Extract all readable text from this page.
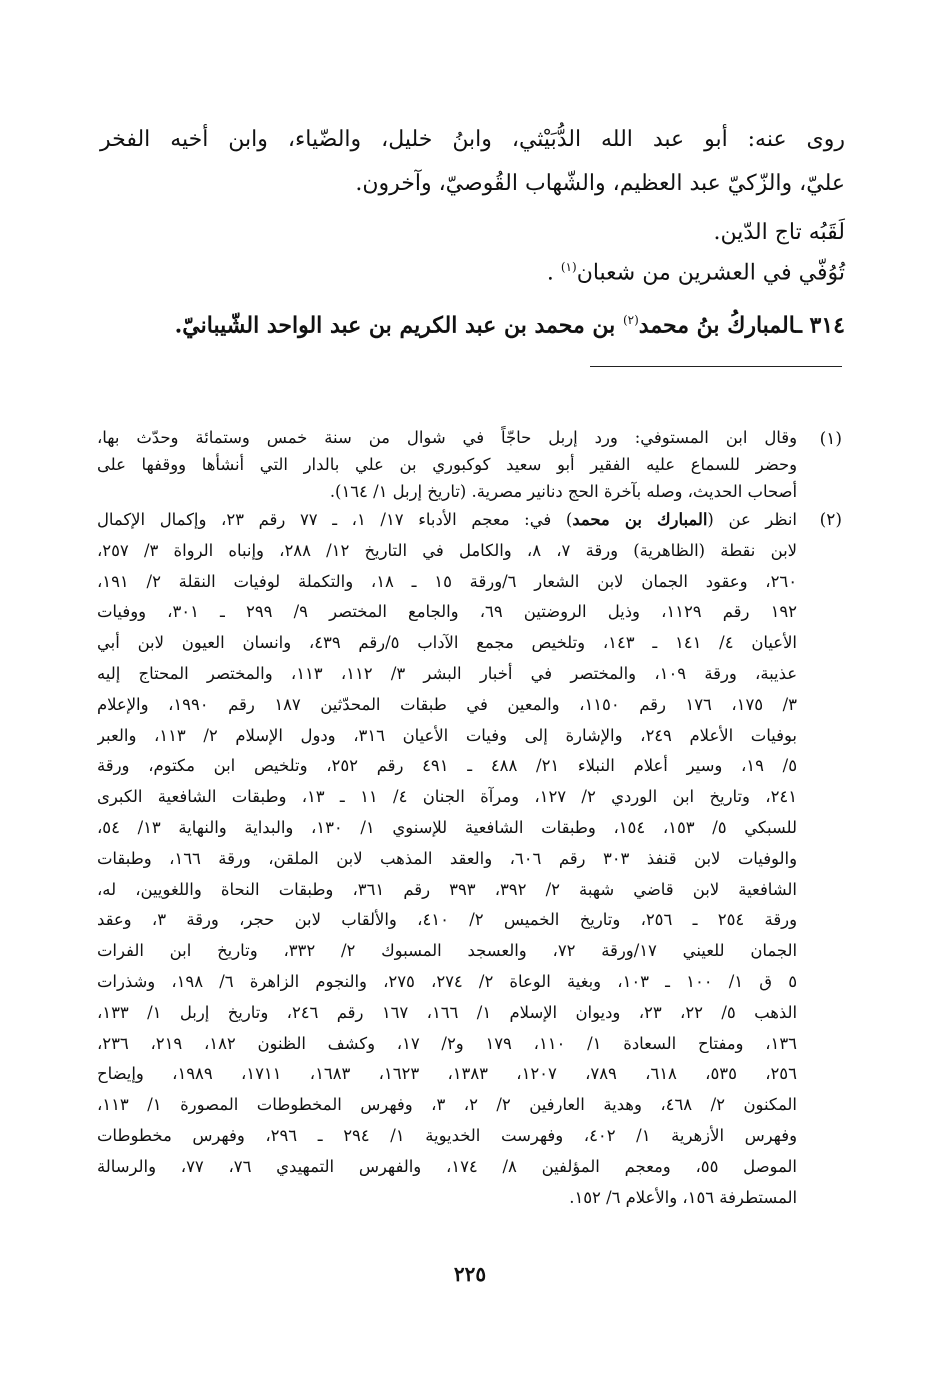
روى عنه: أبو عبد الله الدُّبَيْثي، وابنُ خليل، والضّياء، وابن أخيه الفخر
عليّ، والزّكيّ عبد العظيم، والشّهاب القُوصيّ، وآخرون.
لَقَبُه تاج الدّين.
تُوُفّي في العشرين من شعبان$^{(١)}$ .
٣١٤ ـالمباركُ بنُ محمد$^{(٢)}$ بن محمد بن عبد الكريم بن عبد الواحد الشّيبانيّ.
(١)
وقال ابن المستوفي: ورد إربل حاجّاً في شوال من سنة خمس وستمائة وحدّث بها،
وحضر للسماع عليه الفقير أبو سعيد كوكبوري بن علي بالدار التي أنشأها ووقفها على
أصحاب الحديث، وصله بآخرة الحج دنانير مصرية. (تاريخ إربل ١/ ١٦٤).
(٢)
انظر عن (المبارك بن محمد) في: معجم الأدباء ١٧/ ١، ـ ٧٧ رقم ٢٣، وإكمال الإكمال
لابن نقطة (الظاهرية) ورقة ٧، ٨، والكامل في التاريخ ١٢/ ٢٨٨، وإنباه الرواة ٣/ ٢٥٧،
٢٦٠، وعقود الجمان لابن الشعار ٦/ورقة ١٥ ـ ١٨، والتكملة لوفيات النقلة ٢/ ١٩١،
١٩٢ رقم ١١٢٩، وذيل الروضتين ٦٩، والجامع المختصر ٩/ ٢٩٩ ـ ٣٠١، ووفيات
الأعيان ٤/ ١٤١ ـ ١٤٣، وتلخيص مجمع الآداب ٥/رقم ٤٣٩، وانسان العيون لابن أبي
عذيبة، ورقة ١٠٩، والمختصر في أخبار البشر ٣/ ١١٢، ١١٣، والمختصر المحتاج إليه
٣/ ١٧٥، ١٧٦ رقم ١١٥٠، والمعين في طبقات المحدّثين ١٨٧ رقم ١٩٩٠، والإعلام
بوفيات الأعلام ٢٤٩، والإشارة إلى وفيات الأعيان ٣١٦، ودول الإسلام ٢/ ١١٣، والعبر
٥/ ١٩، وسير أعلام النبلاء ٢١/ ٤٨٨ ـ ٤٩١ رقم ٢٥٢، وتلخيص ابن مكتوم، ورقة
٢٤١، وتاريخ ابن الوردي ٢/ ١٢٧، ومرآة الجنان ٤/ ١١ ـ ١٣، وطبقات الشافعية الكبرى
للسبكي ٥/ ١٥٣، ١٥٤، وطبقات الشافعية للإسنوي ١/ ١٣٠، والبداية والنهاية ١٣/ ٥٤،
والوفيات لابن قنفذ ٣٠٣ رقم ٦٠٦، والعقد المذهب لابن الملقن، ورقة ١٦٦، وطبقات
الشافعية لابن قاضي شهبة ٢/ ٣٩٢، ٣٩٣ رقم ٣٦١، وطبقات النحاة واللغويين، له،
ورقة ٢٥٤ ـ ٢٥٦، وتاريخ الخميس ٢/ ٤١٠، والألقاب لابن حجر، ورقة ٣، وعقد
الجمان للعيني ١٧/ورقة ٧٢، والعسجد المسبوك ٢/ ٣٣٢، وتاريخ ابن الفرات
٥ ق ١/ ١٠٠ ـ ١٠٣، وبغية الوعاة ٢/ ٢٧٤، ٢٧٥، والنجوم الزاهرة ٦/ ١٩٨، وشذرات
الذهب ٥/ ٢٢، ٢٣، وديوان الإسلام ١/ ١٦٦، ١٦٧ رقم ٢٤٦، وتاريخ إربل ١/ ١٣٣،
١٣٦، ومفتاح السعادة ١/ ١١٠، ١٧٩ و٢/ ١٧، وكشف الظنون ١٨٢، ٢١٩، ٢٣٦،
٢٥٦، ٥٣٥، ٦١٨، ٧٨٩، ١٢٠٧، ١٣٨٣، ١٦٢٣، ١٦٨٣، ١٧١١، ١٩٨٩، وإيضاح
المكنون ٢/ ٤٦٨، وهدية العارفين ٢/ ٢، ٣، وفهرس المخطوطات المصورة ١/ ١١٣،
وفهرس الأزهرية ١/ ٤٠٢، وفهرست الخديوية ١/ ٢٩٤ ـ ٢٩٦، وفهرس مخطوطات
الموصل ٥٥، ومعجم المؤلفين ٨/ ١٧٤، والفهرس التمهيدي ٧٦، ٧٧، والرسالة
المستطرفة ١٥٦، والأعلام ٦/ ١٥٢.
٢٢٥
